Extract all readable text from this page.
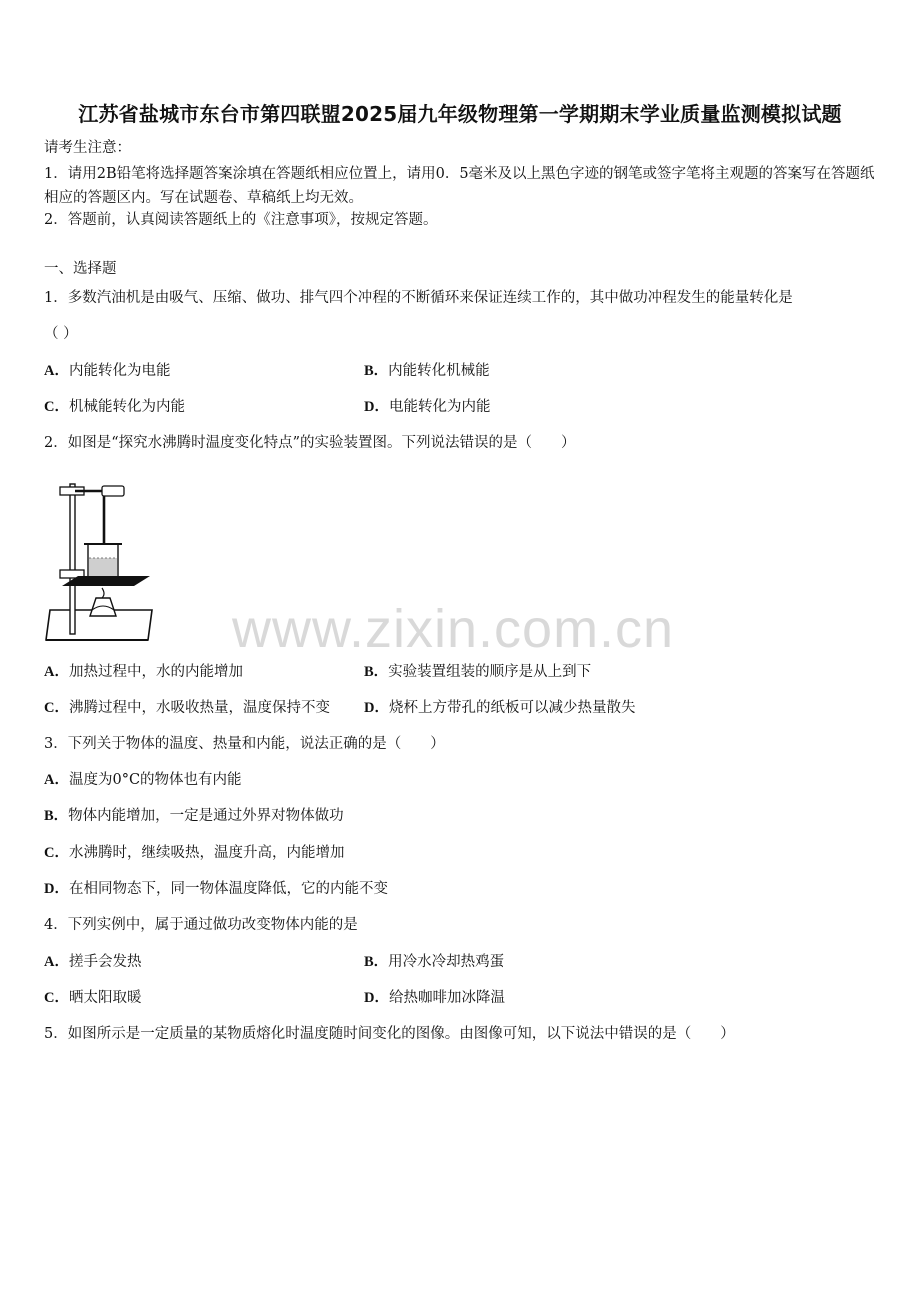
江苏省盐城市东台市第四联盟2025届九年级物理第一学期期末学业质量监测模拟试题
请考生注意：
1．请用2B铅笔将选择题答案涂填在答题纸相应位置上，请用0．5毫米及以上黑色字迹的钢笔或签字笔将主观题的答案写在答题纸相应的答题区内。写在试题卷、草稿纸上均无效。
2．答题前，认真阅读答题纸上的《注意事项》，按规定答题。
一、选择题
1．多数汽油机是由吸气、压缩、做功、排气四个冲程的不断循环来保证连续工作的，其中做功冲程发生的能量转化是
（ ）
A．内能转化为电能	B．内能转化机械能
C．机械能转化为内能	D．电能转化为内能
2．如图是“探究水沸腾时温度变化特点”的实验装置图。下列说法错误的是（　　）
www.zixin.com.cn
A．加热过程中，水的内能增加	B．实验装置组装的顺序是从上到下
C．沸腾过程中，水吸收热量，温度保持不变 D．烧杯上方带孔的纸板可以减少热量散失
3．下列关于物体的温度、热量和内能，说法正确的是（　　）
A．温度为0°C的物体也有内能
B．物体内能增加，一定是通过外界对物体做功
C．水沸腾时，继续吸热，温度升高，内能增加
D．在相同物态下，同一物体温度降低，它的内能不变
4．下列实例中，属于通过做功改变物体内能的是
A．搓手会发热	B．用冷水冷却热鸡蛋
C．晒太阳取暖	D．给热咖啡加冰降温
5．如图所示是一定质量的某物质熔化时温度随时间变化的图像。由图像可知，以下说法中错误的是（　　）
